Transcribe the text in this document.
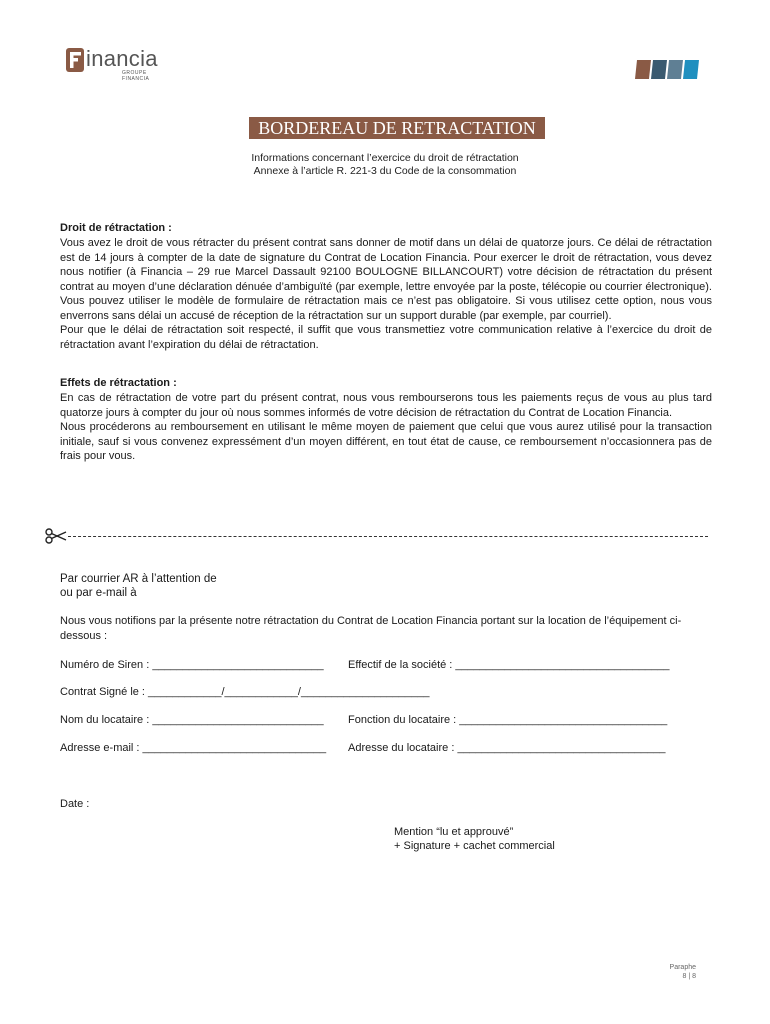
inancia
GROUPE FINANCIA
BORDEREAU DE RETRACTATION
Informations concernant l’exercice du droit de rétractation
Annexe à l’article R. 221-3 du Code de la consommation
Droit de rétractation :

Vous avez le droit de vous rétracter du présent contrat sans donner de motif dans un délai de quatorze jours. Ce délai de rétractation est de 14 jours à compter de la date de signature du Contrat de Location Financia. Pour exercer le droit de rétractation, vous devez nous notifier (à Financia – 29 rue Marcel Dassault 92100 BOULOGNE BILLANCOURT) votre décision de rétractation du présent contrat au moyen d’une déclaration dénuée d’ambiguïté (par exemple, lettre envoyée par la poste, télécopie ou courrier électronique). Vous pouvez utiliser le modèle de formulaire de rétractation mais ce n’est pas obligatoire. Si vous utilisez cette option, nous vous enverrons sans délai un accusé de réception de la rétractation sur un support durable (par exemple, par courriel).

Pour que le délai de rétractation soit respecté, il suffit que vous transmettiez votre communication relative à l’exercice du droit de rétractation avant l’expiration du délai de rétractation.

Effets de rétractation :

En cas de rétractation de votre part du présent contrat, nous vous rembourserons tous les paiements reçus de vous au plus tard quatorze jours à compter du jour où nous sommes informés de votre décision de rétractation du Contrat de Location Financia.

Nous procéderons au remboursement en utilisant le même moyen de paiement que celui que vous aurez utilisé pour la transaction initiale, sauf si vous convenez expressément d’un moyen différent, en tout état de cause, ce remboursement n’occasionnera pas de frais pour vous.

Par courrier AR à l’attention de
ou par e-mail à
Nous vous notifions par la présente notre rétractation du Contrat de Location Financia portant sur la location de l’équipement ci-dessous :
Numéro de Siren : ____________________________ Effectif de la société : ___________________________________
Contrat Signé le : ____________/____________/_____________________
Nom du locataire : ____________________________ Fonction du locataire : __________________________________
Adresse e-mail : ______________________________ Adresse du locataire : __________________________________
Date :
Mention “lu et approuvé”
+ Signature + cachet commercial
Paraphe
8 | 8
